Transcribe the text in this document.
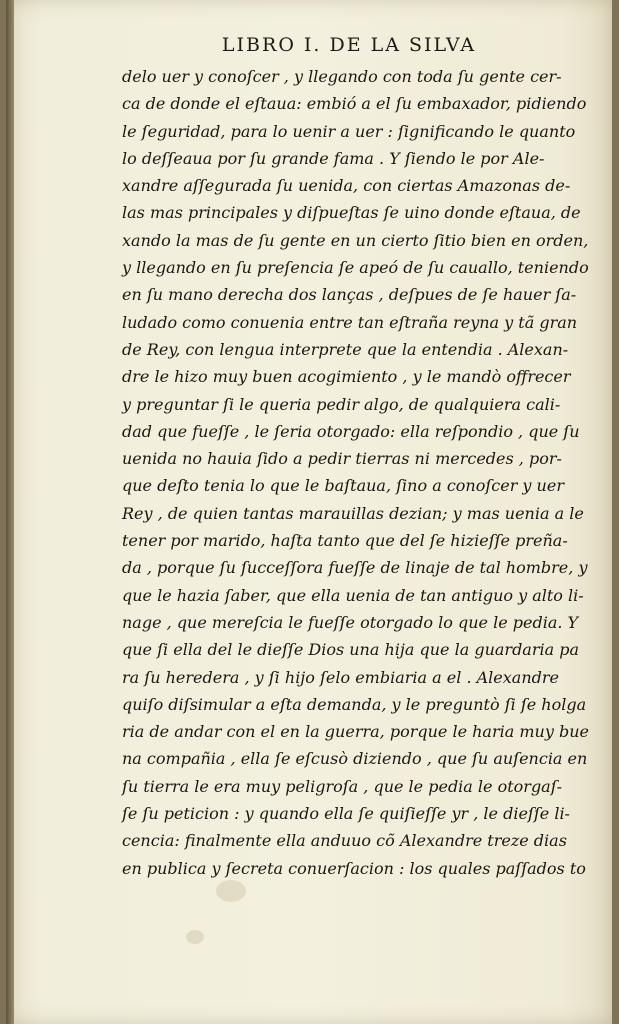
LIBRO I. DE LA SILVA
delo uer y conoſcer , y llegando con toda ſu gente cer-
ca de donde el eſtaua: embió a el ſu embaxador, pidiendo
le ſeguridad, para lo uenir a uer : ſignificando le quanto
lo deſſeaua por ſu grande fama . Y ſiendo le por Ale-
xandre aſſegurada ſu uenida, con ciertas Amazonas de-
las mas principales y diſpueſtas ſe uino donde eſtaua, de
xando la mas de ſu gente en un cierto ſitio bien en orden,
y llegando en ſu preſencia ſe apeó de ſu cauallo, teniendo
en ſu mano derecha dos lanças , deſpues de ſe hauer ſa-
ludado como conuenia entre tan eſtraña reyna y tã gran
de Rey, con lengua interprete que la entendia . Alexan-
dre le hizo muy buen acogimiento , y le mandò offrecer
y preguntar ſi le queria pedir algo, de qualquiera cali-
dad que fueſſe , le ſeria otorgado: ella reſpondio , que ſu
uenida no hauia ſido a pedir tierras ni mercedes , por-
que deſto tenia lo que le baſtaua, ſino a conoſcer y uer
Rey , de quien tantas marauillas dezian; y mas uenia a le
tener por marido, haſta tanto que del ſe hizieſſe preña-
da , porque ſu ſucceſſora fueſſe de linaje de tal hombre, y
que le hazia ſaber, que ella uenia de tan antiguo y alto li-
nage , que mereſcia le fueſſe otorgado lo que le pedia. Y
que ſi ella del le dieſſe Dios una hija que la guardaria pa
ra ſu heredera , y ſi hijo ſelo embiaria a el . Alexandre
quiſo diſsimular a eſta demanda, y le preguntò ſi ſe holga
ria de andar con el en la guerra, porque le haria muy bue
na compañia , ella ſe eſcusò diziendo , que ſu auſencia en
ſu tierra le era muy peligroſa , que le pedia le otorgaſ-
ſe ſu peticion : y quando ella ſe quiſieſſe yr , le dieſſe li-
cencia: finalmente ella anduuo cõ Alexandre treze dias
en publica y ſecreta conuerſacion : los quales paſſados to
